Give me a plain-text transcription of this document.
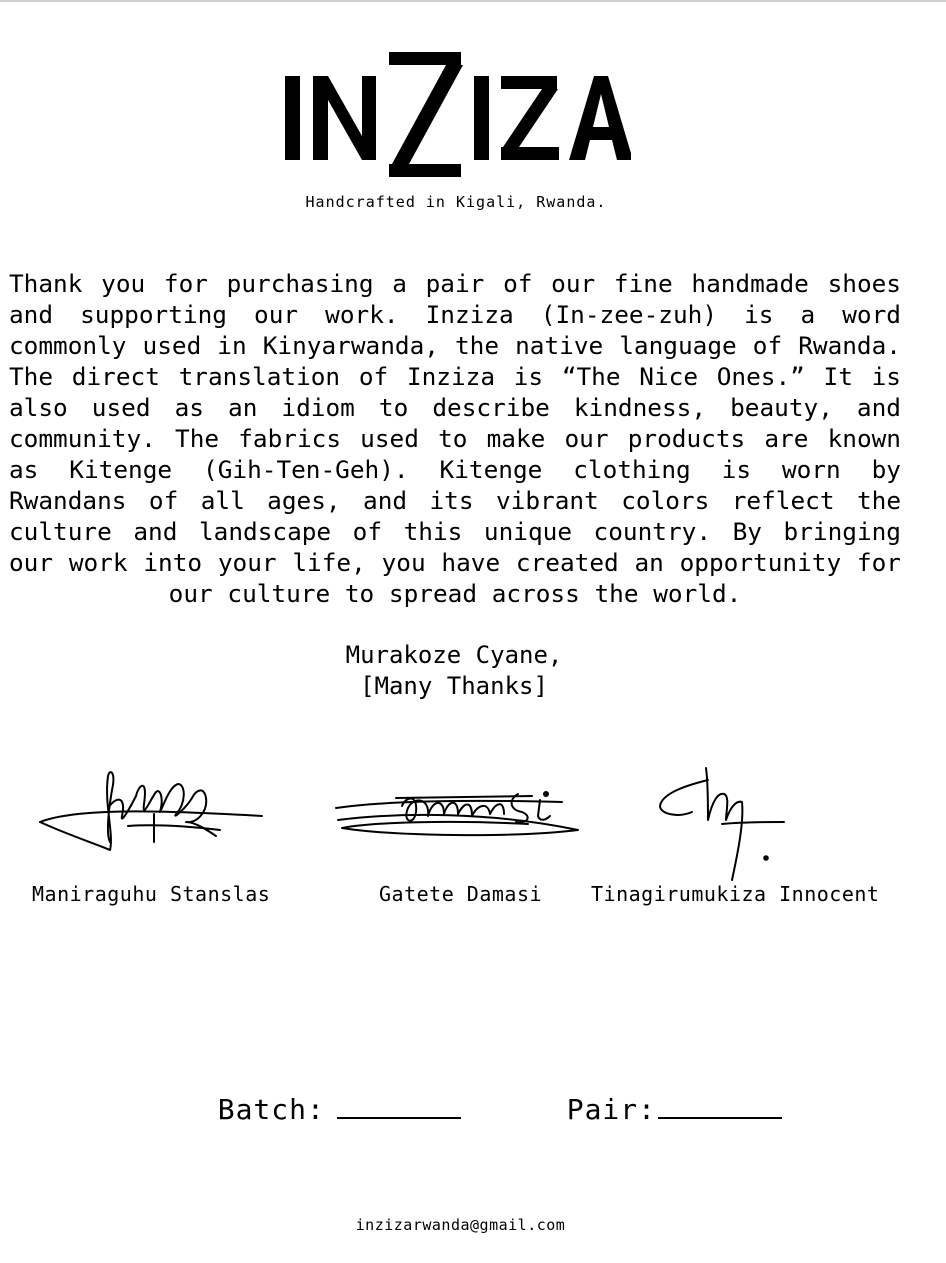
Handcrafted in Kigali, Rwanda.
Thank you for purchasing a pair of our fine handmade shoes and supporting our work. Inziza (In-zee-zuh) is a word commonly used in Kinyarwanda, the native language of Rwanda. The direct translation of Inziza is “The Nice Ones.” It is also used as an idiom to describe kindness, beauty, and community. The fabrics used to make our products are known as Kitenge (Gih-Ten-Geh). Kitenge clothing is worn by Rwandans of all ages, and its vibrant colors reflect the culture and landscape of this unique country. By bringing our work into your life, you have created an opportunity for our culture to spread across the world.
Murakoze Cyane,
[Many Thanks]
Maniraguhu Stanslas	Gatete Damasi Tinagirumukiza Innocent

Batch:	Pair:

inzizarwanda@gmail.com
